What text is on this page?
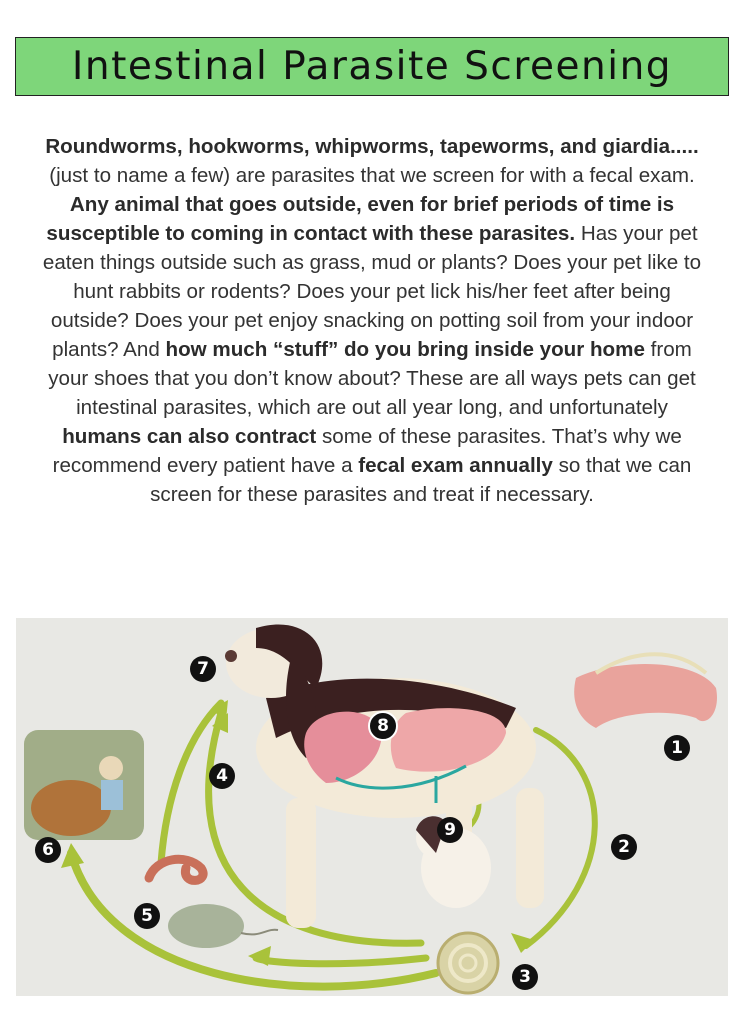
Intestinal Parasite Screening
Roundworms, hookworms, whipworms, tapeworms, and giardia.....
(just to name a few) are parasites that we screen for with a fecal exam. Any animal that goes outside, even for brief periods of time is susceptible to coming in contact with these parasites. Has your pet eaten things outside such as grass, mud or plants? Does your pet like to hunt rabbits or rodents? Does your pet lick his/her feet after being outside? Does your pet enjoy snacking on potting soil from your indoor plants? And how much “stuff” do you bring inside your home from your shoes that you don’t know about? These are all ways pets can get intestinal parasites, which are out all year long, and unfortunately humans can also contract some of these parasites. That’s why we recommend every patient have a fecal exam annually so that we can screen for these parasites and treat if necessary.
1
2
3
4
5
6
7
8
9
